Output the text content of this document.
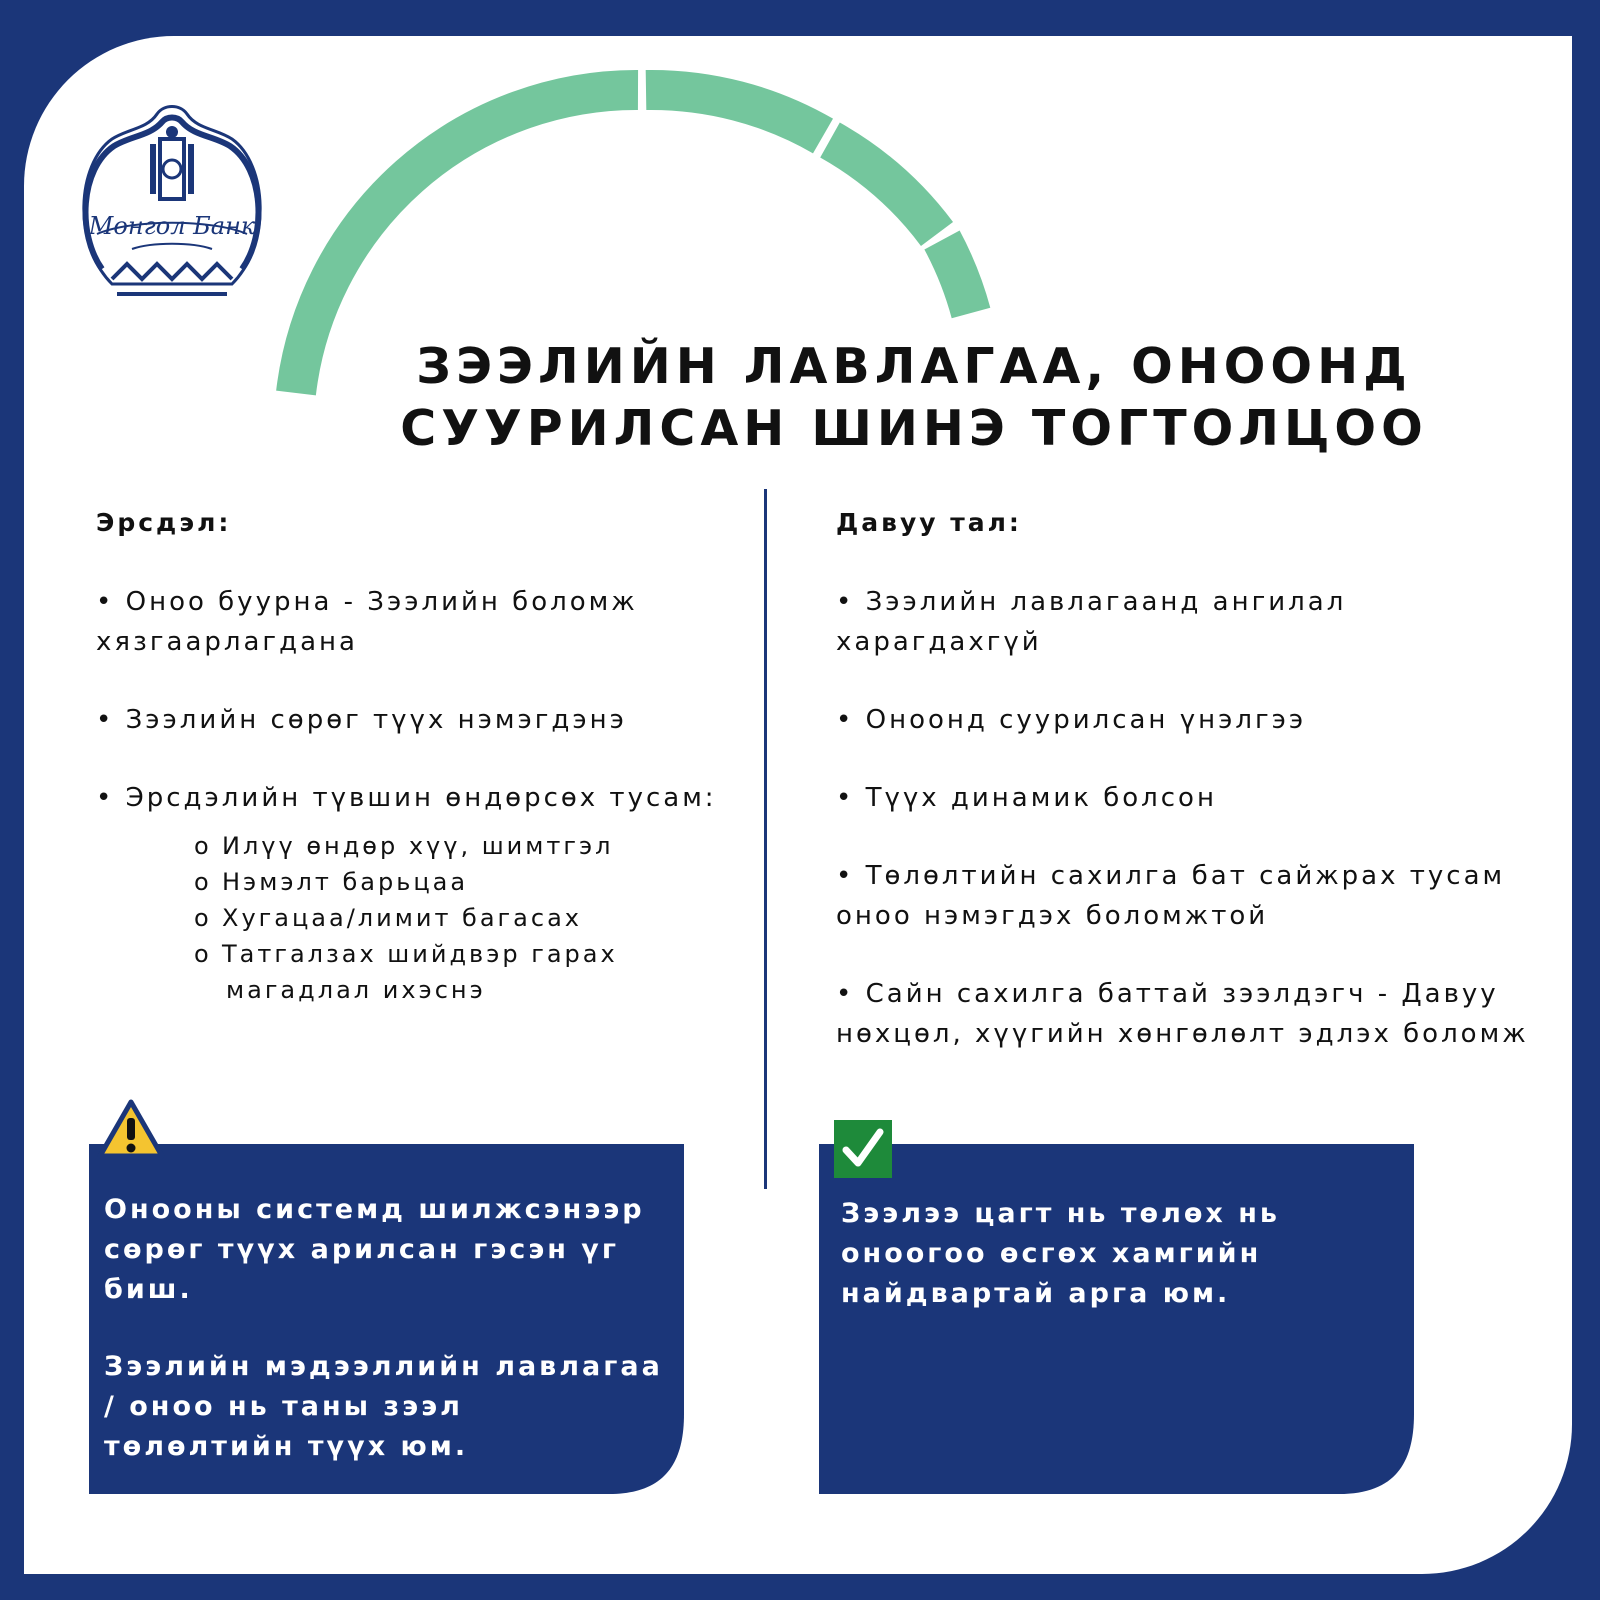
Монгол Банк
ЗЭЭЛИЙН ЛАВЛАГАА, ОНООНД
СУУРИЛСАН ШИНЭ ТОГТОЛЦОО

Эрсдэл:

• Оноо буурна - Зээлийн боломж хязгаарлагдана

• Зээлийн сөрөг түүх нэмэгдэнэ

• Эрсдэлийн түвшин өндөрсөх тусам:

o Илүү өндөр хүү, шимтгэл
o Нэмэлт барьцаа
o Хугацаа/лимит багасах
o Татгалзах шийдвэр гарах
магадлал ихэснэ

Давуу тал:

• Зээлийн лавлагаанд ангилал харагдахгүй

• Оноонд суурилсан үнэлгээ

• Түүх динамик болсон

• Төлөлтийн сахилга бат сайжрах тусам оноо нэмэгдэх боломжтой

• Сайн сахилга баттай зээлдэгч - Давуу нөхцөл, хүүгийн хөнгөлөлт эдлэх боломж

Онооны системд шилжсэнээр сөрөг түүх арилсан гэсэн үг биш.
Зээлийн мэдээллийн лавлагаа / оноо нь таны зээл төлөлтийн түүх юм.
Зээлээ цагт нь төлөх нь оноогоо өсгөх хамгийн найдвартай арга юм.
